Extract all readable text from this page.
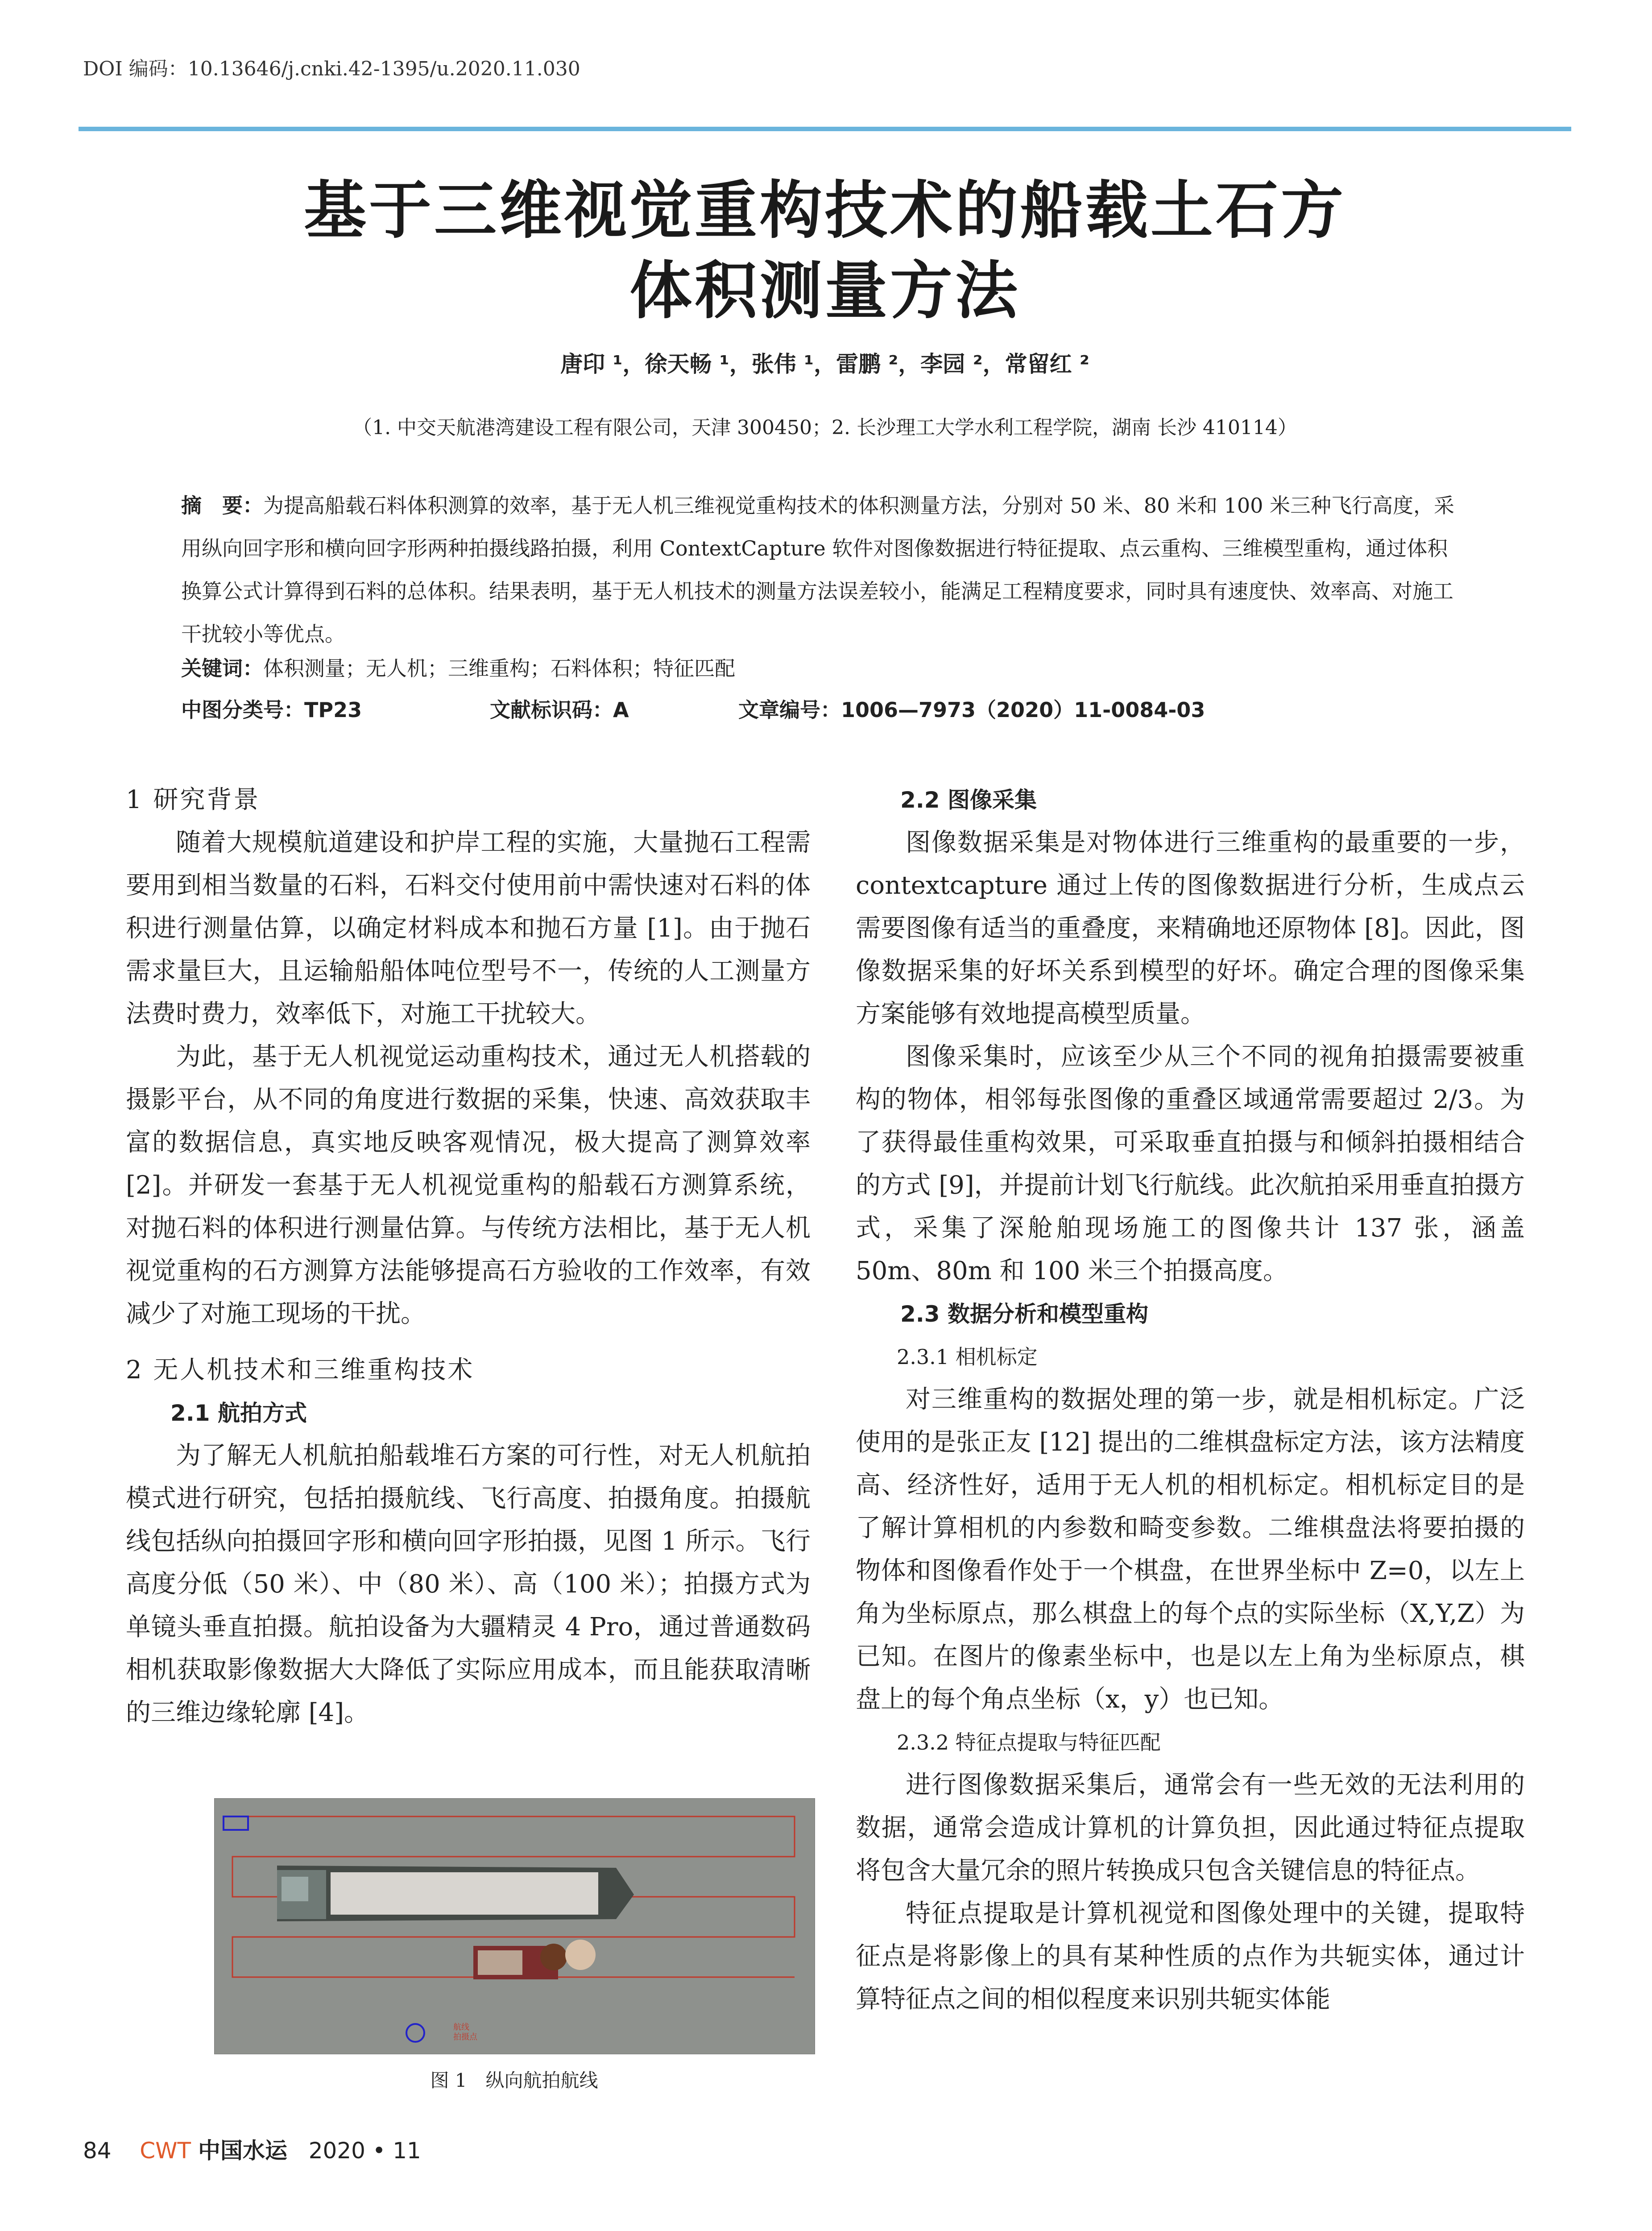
DOI 编码：10.13646/j.cnki.42-1395/u.2020.11.030
基于三维视觉重构技术的船载土石方
体积测量方法
唐印 ¹，徐天畅 ¹，张伟 ¹，雷鹏 ²，李园 ²，常留红 ²
（1. 中交天航港湾建设工程有限公司，天津 300450；2. 长沙理工大学水利工程学院，湖南 长沙 410114）
摘　要：为提高船载石料体积测算的效率，基于无人机三维视觉重构技术的体积测量方法，分别对 50 米、80 米和 100 米三种飞行高度，采用纵向回字形和横向回字形两种拍摄线路拍摄，利用 ContextCapture 软件对图像数据进行特征提取、点云重构、三维模型重构，通过体积换算公式计算得到石料的总体积。结果表明，基于无人机技术的测量方法误差较小，能满足工程精度要求，同时具有速度快、效率高、对施工干扰较小等优点。
关键词：体积测量；无人机；三维重构；石料体积；特征匹配
中图分类号：TP23	文献标识码：A	文章编号：1006—7973（2020）11-0084-03

1 研究背景

随着大规模航道建设和护岸工程的实施，大量抛石工程需要用到相当数量的石料，石料交付使用前中需快速对石料的体积进行测量估算，以确定材料成本和抛石方量 [1]。由于抛石需求量巨大，且运输船船体吨位型号不一，传统的人工测量方法费时费力，效率低下，对施工干扰较大。

为此，基于无人机视觉运动重构技术，通过无人机搭载的摄影平台，从不同的角度进行数据的采集，快速、高效获取丰富的数据信息，真实地反映客观情况，极大提高了测算效率 [2]。并研发一套基于无人机视觉重构的船载石方测算系统，对抛石料的体积进行测量估算。与传统方法相比，基于无人机视觉重构的石方测算方法能够提高石方验收的工作效率，有效减少了对施工现场的干扰。

2 无人机技术和三维重构技术

2.1 航拍方式

为了解无人机航拍船载堆石方案的可行性，对无人机航拍模式进行研究，包括拍摄航线、飞行高度、拍摄角度。拍摄航线包括纵向拍摄回字形和横向回字形拍摄，见图 1 所示。飞行高度分低（50 米）、中（80 米）、高（100 米）；拍摄方式为单镜头垂直拍摄。航拍设备为大疆精灵 4 Pro，通过普通数码相机获取影像数据大大降低了实际应用成本，而且能获取清晰的三维边缘轮廓 [4]。

航线
拍摄点
图 1　纵向航拍航线

2.2 图像采集

图像数据采集是对物体进行三维重构的最重要的一步，contextcapture 通过上传的图像数据进行分析，生成点云需要图像有适当的重叠度，来精确地还原物体 [8]。因此，图像数据采集的好坏关系到模型的好坏。确定合理的图像采集方案能够有效地提高模型质量。

图像采集时，应该至少从三个不同的视角拍摄需要被重构的物体，相邻每张图像的重叠区域通常需要超过 2/3。为了获得最佳重构效果，可采取垂直拍摄与和倾斜拍摄相结合的方式 [9]，并提前计划飞行航线。此次航拍采用垂直拍摄方式，采集了深舱舶现场施工的图像共计 137 张，涵盖 50m、80m 和 100 米三个拍摄高度。

2.3 数据分析和模型重构

2.3.1 相机标定

对三维重构的数据处理的第一步，就是相机标定。广泛使用的是张正友 [12] 提出的二维棋盘标定方法，该方法精度高、经济性好，适用于无人机的相机标定。相机标定目的是了解计算相机的内参数和畸变参数。二维棋盘法将要拍摄的物体和图像看作处于一个棋盘，在世界坐标中 Z=0，以左上角为坐标原点，那么棋盘上的每个点的实际坐标（X,Y,Z）为已知。在图片的像素坐标中，也是以左上角为坐标原点，棋盘上的每个角点坐标（x，y）也已知。

2.3.2 特征点提取与特征匹配

进行图像数据采集后，通常会有一些无效的无法利用的数据，通常会造成计算机的计算负担，因此通过特征点提取将包含大量冗余的照片转换成只包含关键信息的特征点。

特征点提取是计算机视觉和图像处理中的关键，提取特征点是将影像上的具有某种性质的点作为共轭实体，通过计算特征点之间的相似程度来识别共轭实体能

84 CWT 中国水运 2020 • 11
